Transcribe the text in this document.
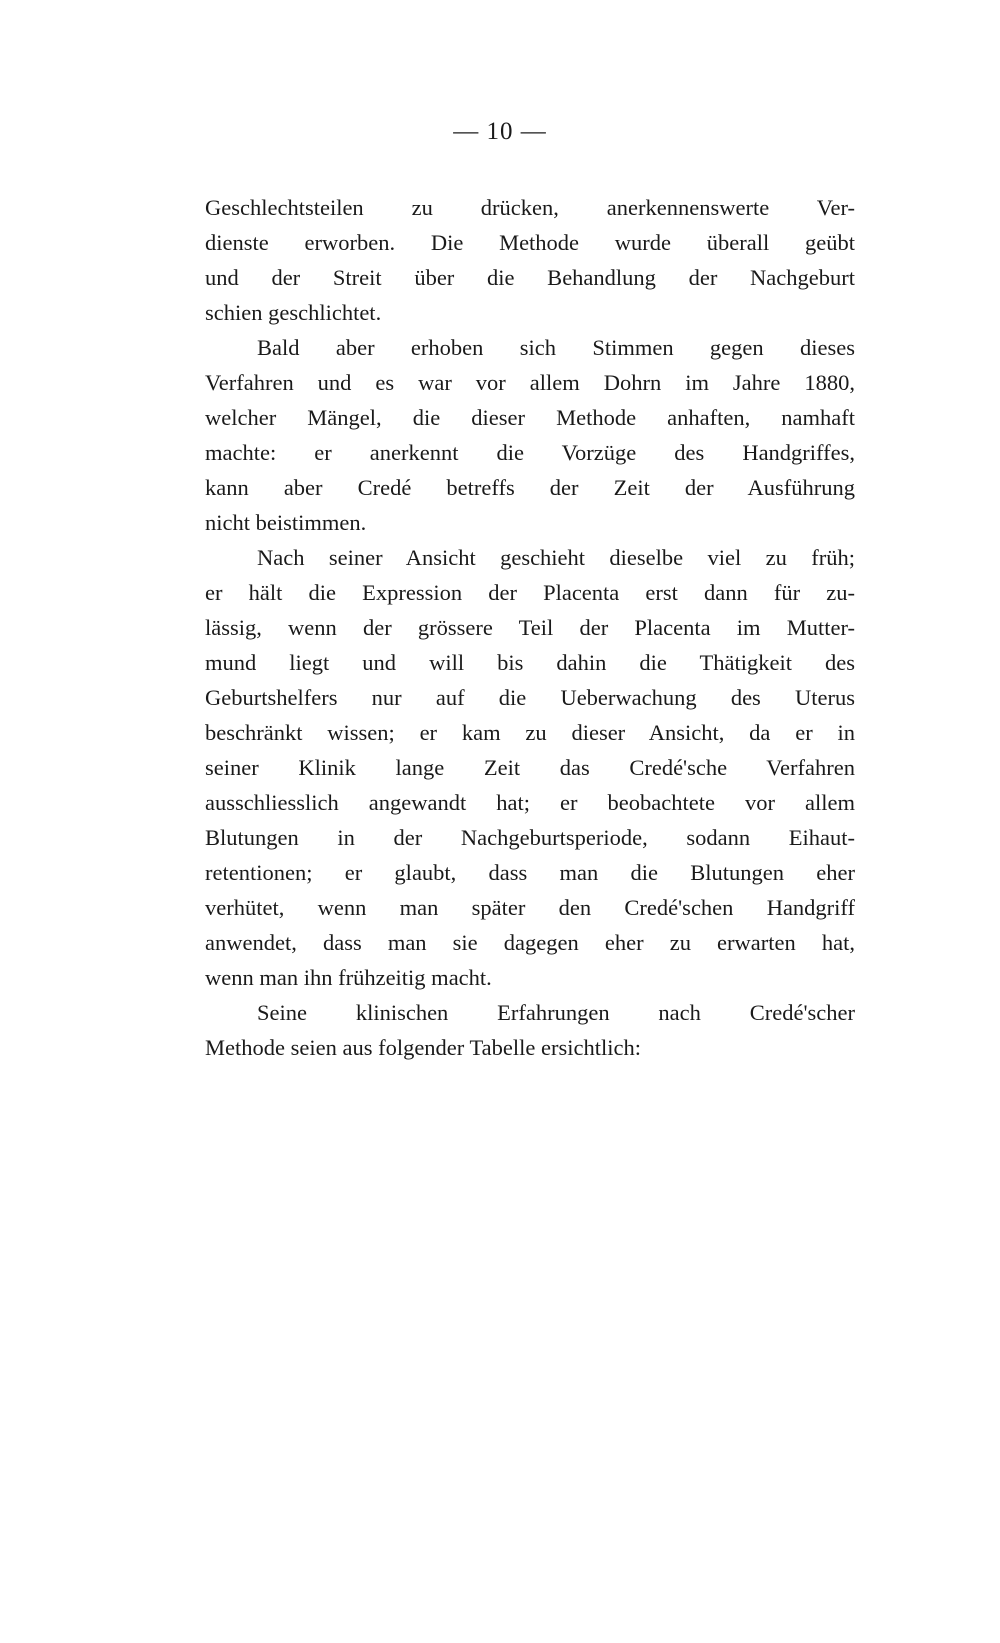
— 10 —
Geschlechtsteilen zu drücken, anerkennenswerte Ver-
dienste erworben. Die Methode wurde überall geübt
und der Streit über die Behandlung der Nachgeburt
schien geschlichtet.
Bald aber erhoben sich Stimmen gegen dieses
Verfahren und es war vor allem Dohrn im Jahre 1880,
welcher Mängel, die dieser Methode anhaften, namhaft
machte: er anerkennt die Vorzüge des Handgriffes,
kann aber Credé betreffs der Zeit der Ausführung
nicht beistimmen.
Nach seiner Ansicht geschieht dieselbe viel zu früh;
er hält die Expression der Placenta erst dann für zu-
lässig, wenn der grössere Teil der Placenta im Mutter-
mund liegt und will bis dahin die Thätigkeit des
Geburtshelfers nur auf die Ueberwachung des Uterus
beschränkt wissen; er kam zu dieser Ansicht, da er in
seiner Klinik lange Zeit das Credé'sche Verfahren
ausschliesslich angewandt hat; er beobachtete vor allem
Blutungen in der Nachgeburtsperiode, sodann Eihaut-
retentionen; er glaubt, dass man die Blutungen eher
verhütet, wenn man später den Credé'schen Handgriff
anwendet, dass man sie dagegen eher zu erwarten hat,
wenn man ihn frühzeitig macht.
Seine klinischen Erfahrungen nach Credé'scher
Methode seien aus folgender Tabelle ersichtlich:
